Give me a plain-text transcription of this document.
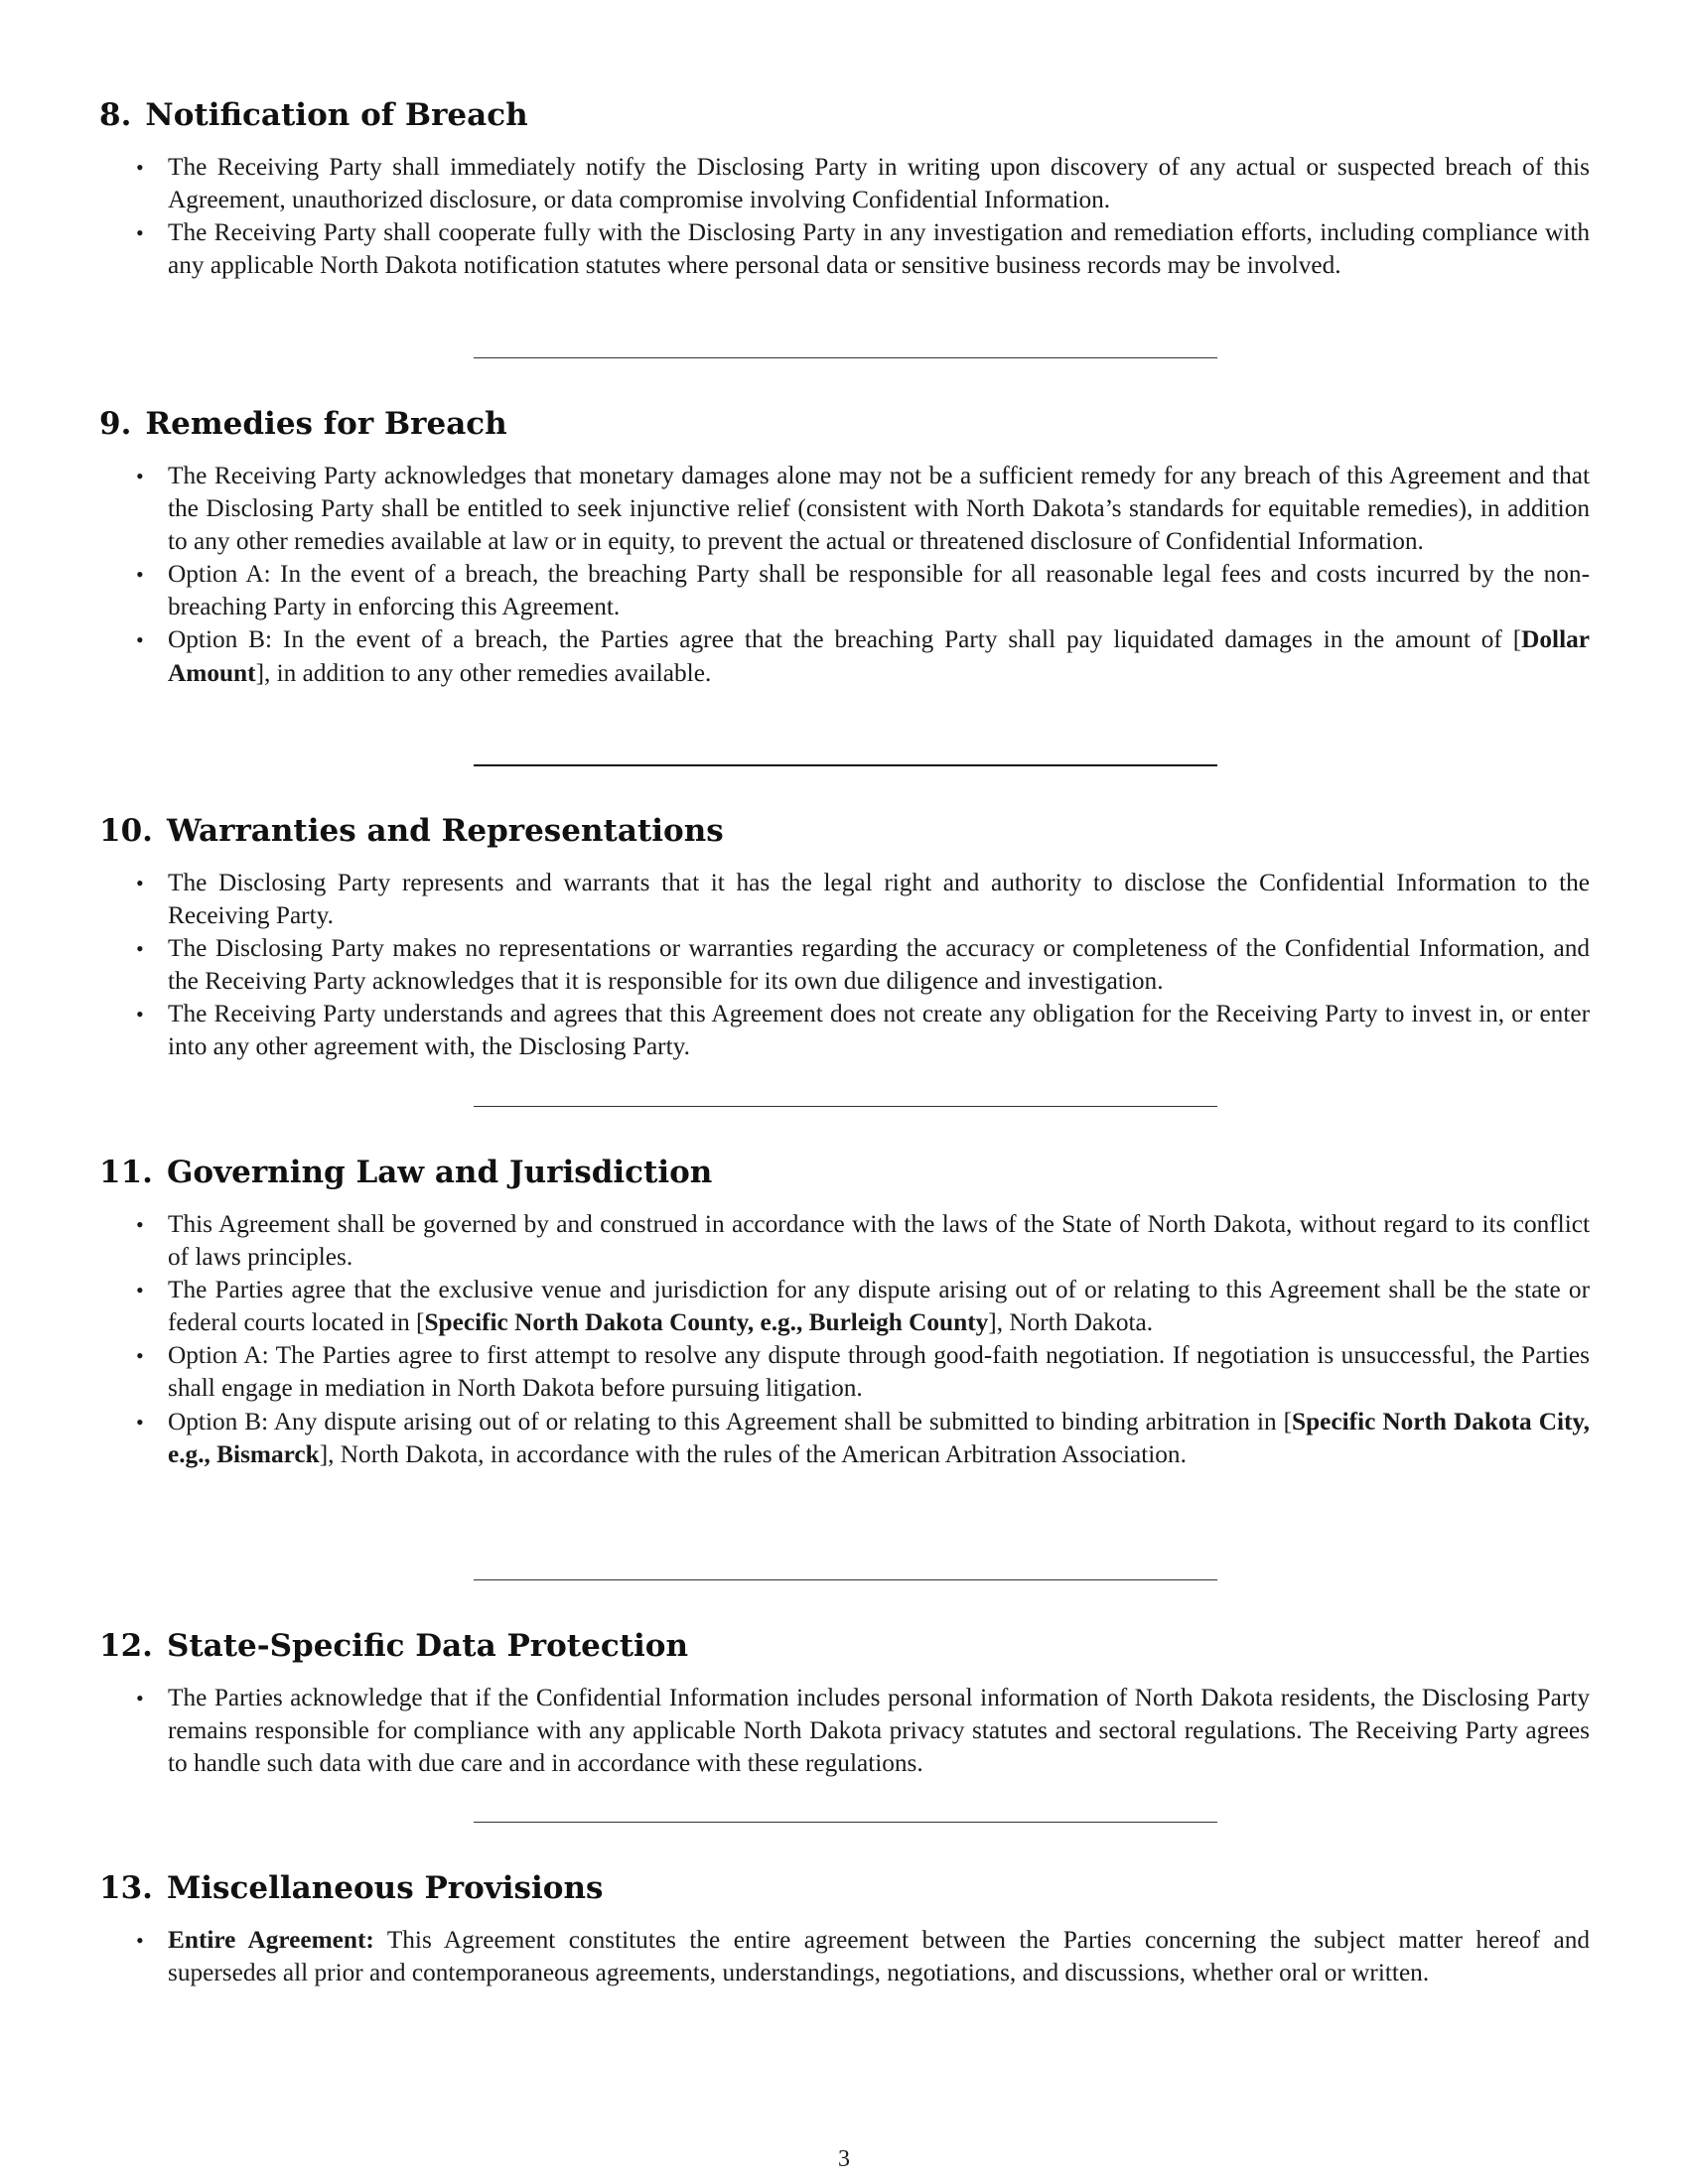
8. Notification of Breach
• The Receiving Party shall immediately notify the Disclosing Party in writing upon discovery of any actual or suspected breach of this Agreement, unauthorized disclosure, or data compromise involving Confidential Information.
• The Receiving Party shall cooperate fully with the Disclosing Party in any investigation and remediation efforts, including compliance with any applicable North Dakota notification statutes where personal data or sensitive business records may be involved.
9. Remedies for Breach
• The Receiving Party acknowledges that monetary damages alone may not be a sufficient remedy for any breach of this Agreement and that the Disclosing Party shall be entitled to seek injunctive relief (consistent with North Dakota’s standards for equitable remedies), in addition to any other remedies available at law or in equity, to prevent the actual or threatened disclosure of Confidential Information.
• Option A: In the event of a breach, the breaching Party shall be responsible for all reasonable legal fees and costs incurred by the non-breaching Party in enforcing this Agreement.
• Option B: In the event of a breach, the Parties agree that the breaching Party shall pay liquidated damages in the amount of [Dollar Amount], in addition to any other remedies available.
10. Warranties and Representations
• The Disclosing Party represents and warrants that it has the legal right and authority to disclose the Confidential Information to the Receiving Party.
• The Disclosing Party makes no representations or warranties regarding the accuracy or completeness of the Confidential Information, and the Receiving Party acknowledges that it is responsible for its own due diligence and investigation.
• The Receiving Party understands and agrees that this Agreement does not create any obligation for the Receiving Party to invest in, or enter into any other agreement with, the Disclosing Party.
11. Governing Law and Jurisdiction
• This Agreement shall be governed by and construed in accordance with the laws of the State of North Dakota, without regard to its conflict of laws principles.
• The Parties agree that the exclusive venue and jurisdiction for any dispute arising out of or relating to this Agreement shall be the state or federal courts located in [Specific North Dakota County, e.g., Burleigh County], North Dakota.
• Option A: The Parties agree to first attempt to resolve any dispute through good-faith negotiation. If negotiation is unsuccessful, the Parties shall engage in mediation in North Dakota before pursuing litigation.
• Option B: Any dispute arising out of or relating to this Agreement shall be submitted to binding arbitration in [Specific North Dakota City, e.g., Bismarck], North Dakota, in accordance with the rules of the American Arbitration Association.
12. State-Specific Data Protection
• The Parties acknowledge that if the Confidential Information includes personal information of North Dakota residents, the Disclosing Party remains responsible for compliance with any applicable North Dakota privacy statutes and sectoral regulations. The Receiving Party agrees to handle such data with due care and in accordance with these regulations.
13. Miscellaneous Provisions
• Entire Agreement: This Agreement constitutes the entire agreement between the Parties concerning the subject matter hereof and supersedes all prior and contemporaneous agreements, understandings, negotiations, and discussions, whether oral or written.
3
